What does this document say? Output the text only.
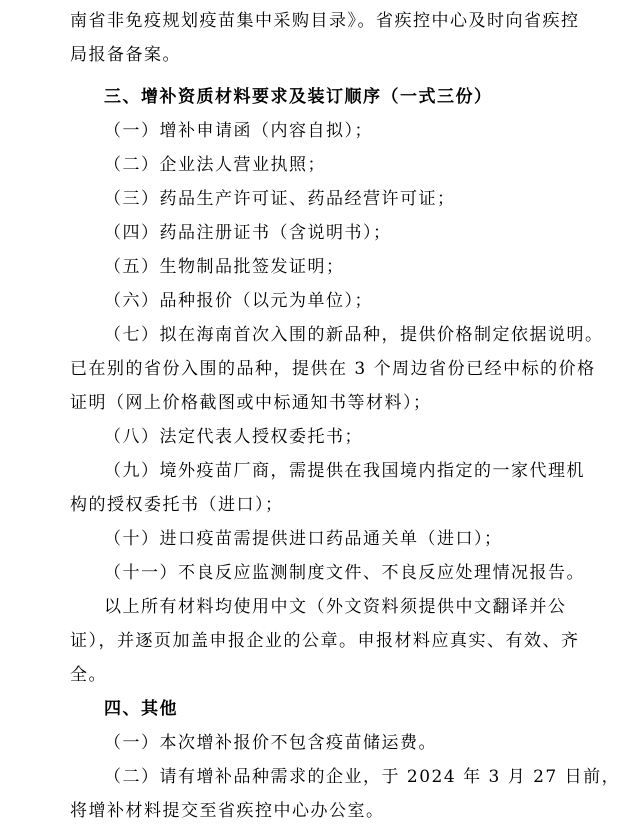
南省非免疫规划疫苗集中采购目录》。省疾控中心及时向省疾控
局报备备案。
三、增补资质材料要求及装订顺序（一式三份）
（一）增补申请函（内容自拟）；
（二）企业法人营业执照；
（三）药品生产许可证、药品经营许可证；
（四）药品注册证书（含说明书）；
（五）生物制品批签发证明；
（六）品种报价（以元为单位）；
（七）拟在海南首次入围的新品种，提供价格制定依据说明。
已在别的省份入围的品种，提供在 3 个周边省份已经中标的价格
证明（网上价格截图或中标通知书等材料）；
（八）法定代表人授权委托书；
（九）境外疫苗厂商，需提供在我国境内指定的一家代理机
构的授权委托书（进口）；
（十）进口疫苗需提供进口药品通关单（进口）；
（十一）不良反应监测制度文件、不良反应处理情况报告。
以上所有材料均使用中文（外文资料须提供中文翻译并公
证），并逐页加盖申报企业的公章。申报材料应真实、有效、齐
全。
四、其他
（一）本次增补报价不包含疫苗储运费。
（二）请有增补品种需求的企业，于 2024 年 3 月 27 日前，
将增补材料提交至省疾控中心办公室。
